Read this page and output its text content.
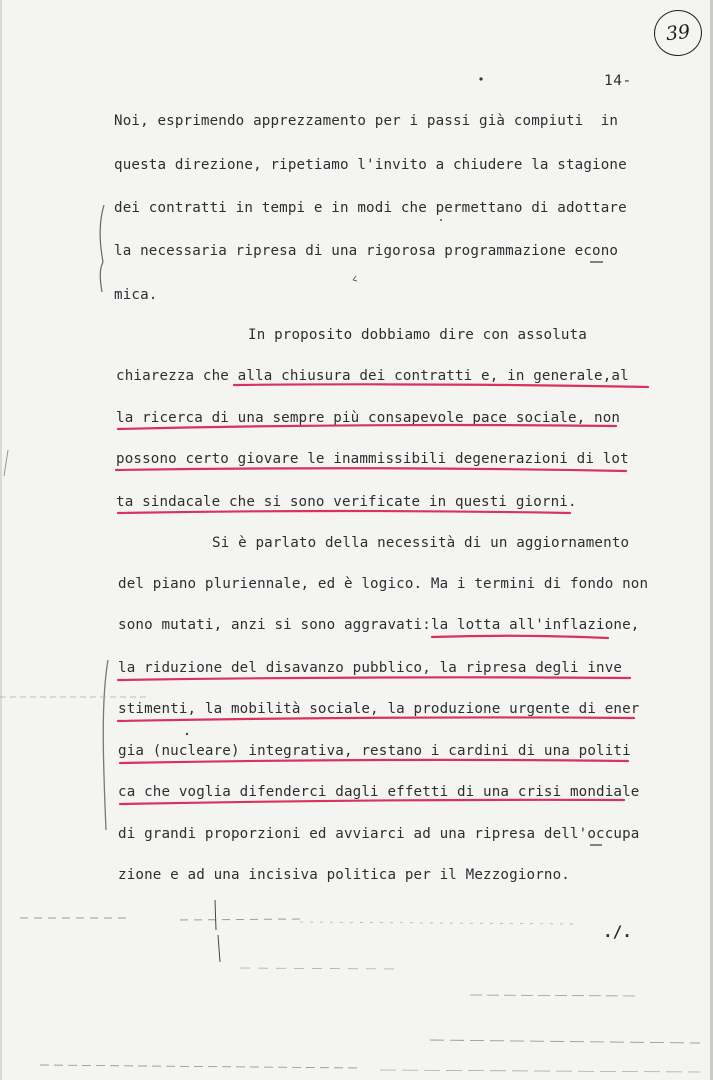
39
14-
Noi, esprimendo apprezzamento per i passi già compiuti  in
questa direzione, ripetiamo l'invito a chiudere la stagione
dei contratti in tempi e in modi che permettano di adottare
la necessaria ripresa di una rigorosa programmazione econo
mica.
In proposito dobbiamo dire con assoluta
chiarezza che alla chiusura dei contratti e, in generale,al
la ricerca di una sempre più consapevole pace sociale, non
possono certo giovare le inammissibili degenerazioni di lot
ta sindacale che si sono verificate in questi giorni.
Si è parlato della necessità di un aggiornamento
del piano pluriennale, ed è logico. Ma i termini di fondo non
sono mutati, anzi si sono aggravati:la lotta all'inflazione,
la riduzione del disavanzo pubblico, la ripresa degli inve
stimenti, la mobilità sociale, la produzione urgente di ener
gia (nucleare) integrativa, restano i cardini di una politi
ca che voglia difenderci dagli effetti di una crisi mondiale
di grandi proporzioni ed avviarci ad una ripresa dell'occupa
zione e ad una incisiva politica per il Mezzogiorno.
./.
